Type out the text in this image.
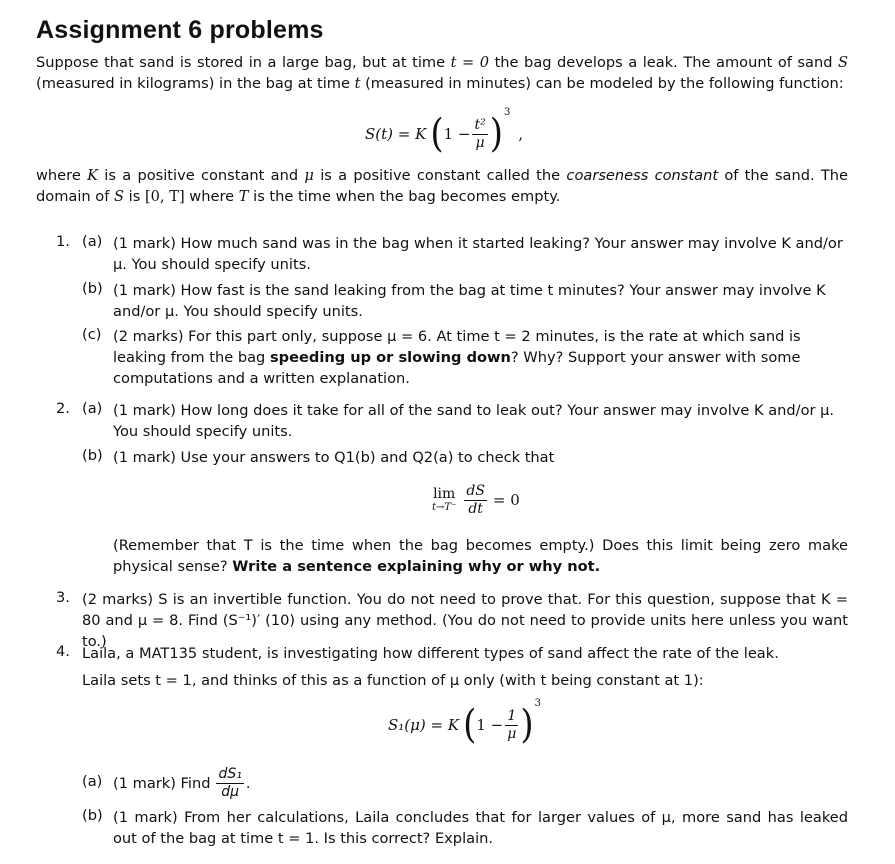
Assignment 6 problems
Suppose that sand is stored in a large bag, but at time t = 0 the bag develops a leak. The amount of sand S (measured in kilograms) in the bag at time t (measured in minutes) can be modeled by the following function:
S(t) = K ( $1 - \frac{\text{t²}}{\mu} )^3$
,
where K is a positive constant and μ is a positive constant called the coarseness constant of the sand. The domain of S is [0, T] where T is the time when the bag becomes empty.
1. (a) (1 mark) How much sand was in the bag when it started leaking? Your answer may involve K and/or μ. You should specify units.
(b) (1 mark) How fast is the sand leaking from the bag at time t minutes? Your answer may involve K and/or μ. You should specify units.
(c) (2 marks) For this part only, suppose μ = 6. At time t = 2 minutes, is the rate at which sand is leaking from the bag speeding up or slowing down? Why? Support your answer with some computations and a written explanation.
2. (a) (1 mark) How long does it take for all of the sand to leak out? Your answer may involve K and/or μ. You should specify units.
(b) (1 mark) Use your answers to Q1(b) and Q2(a) to check that
lim
$t\to T^- \frac{dS}{dt} = 0$
(Remember that T is the time when the bag becomes empty.) Does this limit being zero make physical sense? Write a sentence explaining why or why not.
3. (2 marks) S is an invertible function. You do not need to prove that. For this question, suppose that K = 80 and μ = 8. Find (S⁻¹)′ (10) using any method. (You do not need to provide units here unless you want to.)
4. Laila, a MAT135 student, is investigating how different types of sand affect the rate of the leak.
Laila sets t = 1, and thinks of this as a function of μ only (with t being constant at 1):
S₁(μ) = K ( $1 - \frac{1}{\mu} )^3$
(a) (1 mark) Find $\frac{\text{dS₁}}{d\mu}$ .
(b) (1 mark) From her calculations, Laila concludes that for larger values of μ, more sand has leaked out of the bag at time t = 1. Is this correct? Explain.
